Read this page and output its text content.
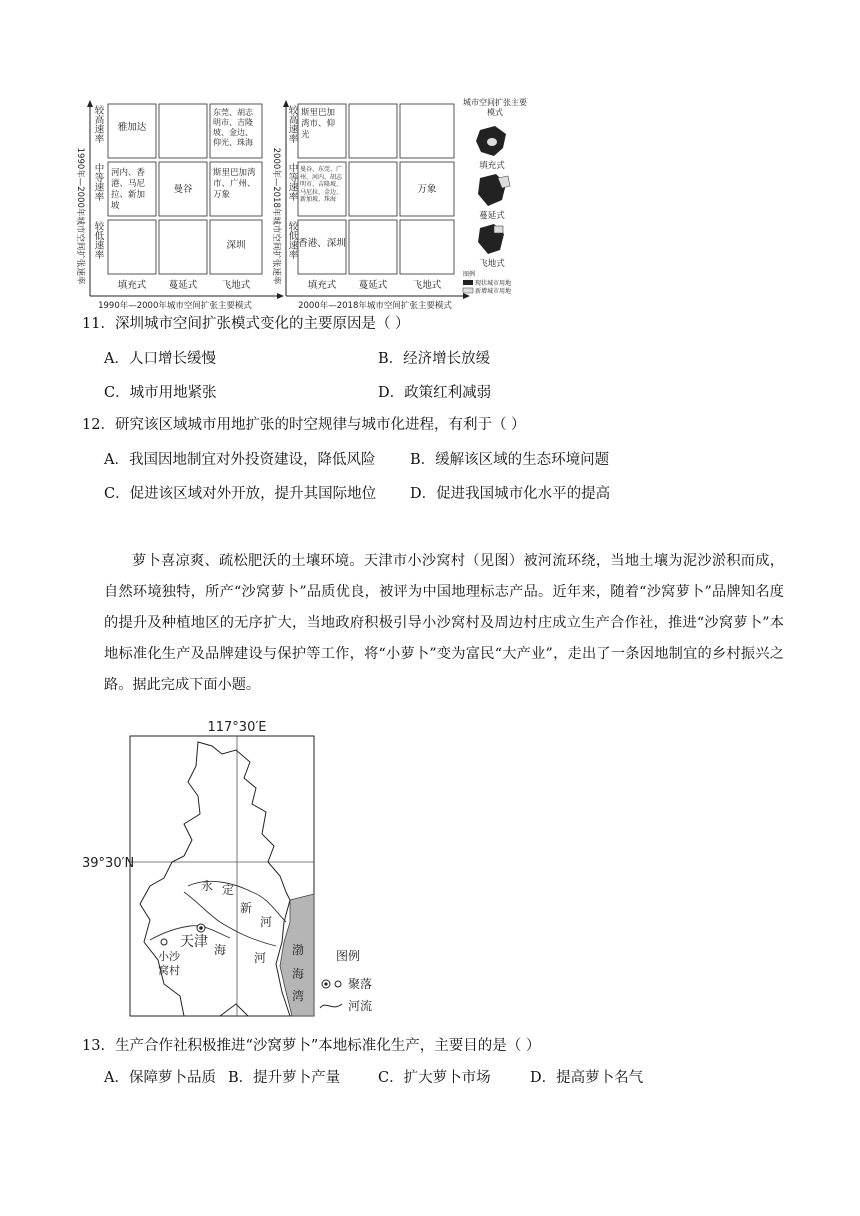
1990年—2000年城市空间扩张速率
较高速率
中等速率
较低速率
雅加达
东莞、胡志明市、吉隆坡、金边、仰光、珠海
河内、香港、马尼拉、新加坡
曼谷
斯里巴加湾市、广州、万象
深圳
填充式 蔓延式	飞地式
1990年—2000年城市空间扩张主要模式
2000年—2018年城市空间扩张速率
较高速率
中等速率
较低速率
斯里巴加湾市、仰光
曼谷、东莞、广州、河内、胡志明市、吉隆坡、马尼拉、金边、新加坡、珠海
万象
香港、深圳
填充式 蔓延式	飞地式
2000年—2018年城市空间扩张主要模式
城市空间扩张主要模式
填充式
蔓延式
飞地式
图例
现状城市用地
新增城市用地
11．深圳城市空间扩张模式变化的主要原因是（ ）
A．人口增长缓慢	B．经济增长放缓
C．城市用地紧张	D．政策红利减弱
12．研究该区域城市用地扩张的时空规律与城市化进程，有利于（ ）
A．我国因地制宜对外投资建设，降低风险 B．缓解该区域的生态环境问题
C．促进该区域对外开放，提升其国际地位 D．促进我国城市化水平的提高
萝卜喜凉爽、疏松肥沃的土壤环境。天津市小沙窝村（见图）被河流环绕，当地土壤为泥沙淤积而成，自然环境独特，所产“沙窝萝卜”品质优良，被评为中国地理标志产品。近年来，随着“沙窝萝卜”品牌知名度的提升及种植地区的无序扩大，当地政府积极引导小沙窝村及周边村庄成立生产合作社，推进“沙窝萝卜”本地标准化生产及品牌建设与保护等工作，将“小萝卜”变为富民“大产业”，走出了一条因地制宜的乡村振兴之路。据此完成下面小题。
117°30′E
39°30′N
永 定
新
河
海
河
天津
小沙
窝村
渤
海
湾
图例
聚落
河流
13．生产合作社积极推进“沙窝萝卜”本地标准化生产，主要目的是（ ）
A．保障萝卜品质 B．提升萝卜产量	C．扩大萝卜市场	D．提高萝卜名气
